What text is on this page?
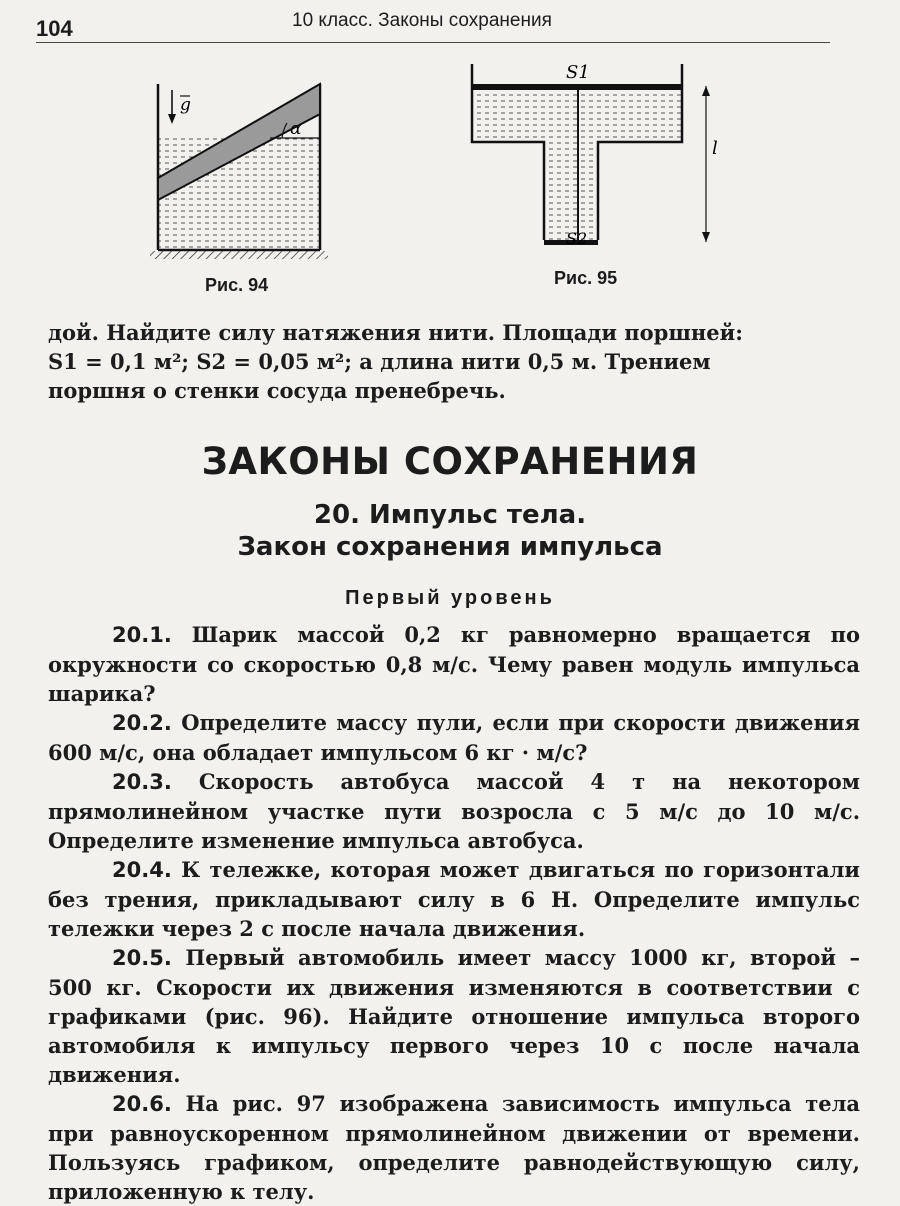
104	10 класс. Законы сохранения
α
g
Рис. 94
l
S1
S2
Рис. 95

дой. Найдите силу натяжения нити. Площади поршней:

S1 = 0,1 м²; S2 = 0,05 м²; а длина нити 0,5 м. Трением

поршня о стенки сосуда пренебречь.

ЗАКОНЫ СОХРАНЕНИЯ
20. Импульс тела.
Закон сохранения импульса
Первый уровень

20.1. Шарик массой 0,2 кг равномерно вращается по окружности со скоростью 0,8 м/с. Чему равен модуль импульса шарика?

20.2. Определите массу пули, если при скорости движения 600 м/с, она обладает импульсом 6 кг · м/с?

20.3. Скорость автобуса массой 4 т на некотором прямолинейном участке пути возросла с 5 м/с до 10 м/с. Определите изменение импульса автобуса.

20.4. К тележке, которая может двигаться по горизонтали без трения, прикладывают силу в 6 Н. Определите импульс тележки через 2 с после начала движения.

20.5. Первый автомобиль имеет массу 1000 кг, второй – 500 кг. Скорости их движения изменяются в соответствии с графиками (рис. 96). Найдите отношение импульса второго автомобиля к импульсу первого через 10 с после начала движения.

20.6. На рис. 97 изображена зависимость импульса тела при равноускоренном прямолинейном движении от времени. Пользуясь графиком, определите равнодействующую силу, приложенную к телу.
